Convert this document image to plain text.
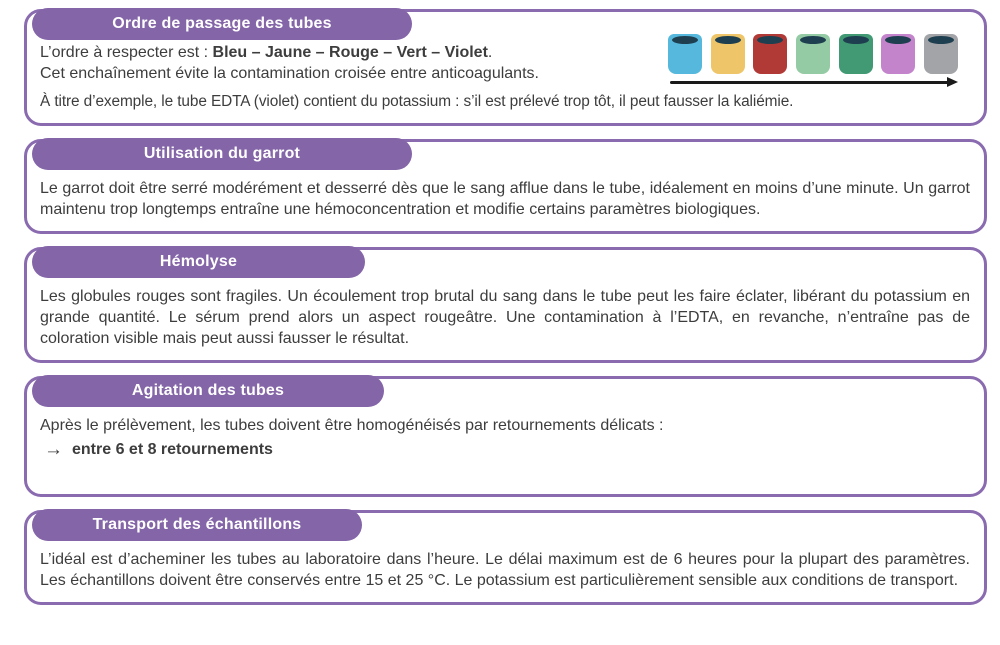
Ordre de passage des tubes

L’ordre à respecter est : Bleu – Jaune – Rouge – Vert – Violet.

Cet enchaînement évite la contamination croisée entre anticoagulants.

À titre d’exemple, le tube EDTA (violet) contient du potassium : s’il est prélevé trop tôt, il peut fausser la kaliémie.

Utilisation du garrot

Le garrot doit être serré modérément et desserré dès que le sang afflue dans le tube, idéalement en moins d’une minute. Un garrot maintenu trop longtemps entraîne une hémoconcentration et modifie certains paramètres biologiques.

Hémolyse

Les globules rouges sont fragiles. Un écoulement trop brutal du sang dans le tube peut les faire éclater, libérant du potassium en grande quantité. Le sérum prend alors un aspect rougeâtre. Une contamination à l’EDTA, en revanche, n’entraîne pas de coloration visible mais peut aussi fausser le résultat.

Agitation des tubes

Après le prélèvement, les tubes doivent être homogénéisés par retournements délicats :

→ entre 6 et 8 retournements
Transport des échantillons

L’idéal est d’acheminer les tubes au laboratoire dans l’heure. Le délai maximum est de 6 heures pour la plupart des paramètres. Les échantillons doivent être conservés entre 15 et 25 °C. Le potassium est particulièrement sensible aux conditions de transport.
